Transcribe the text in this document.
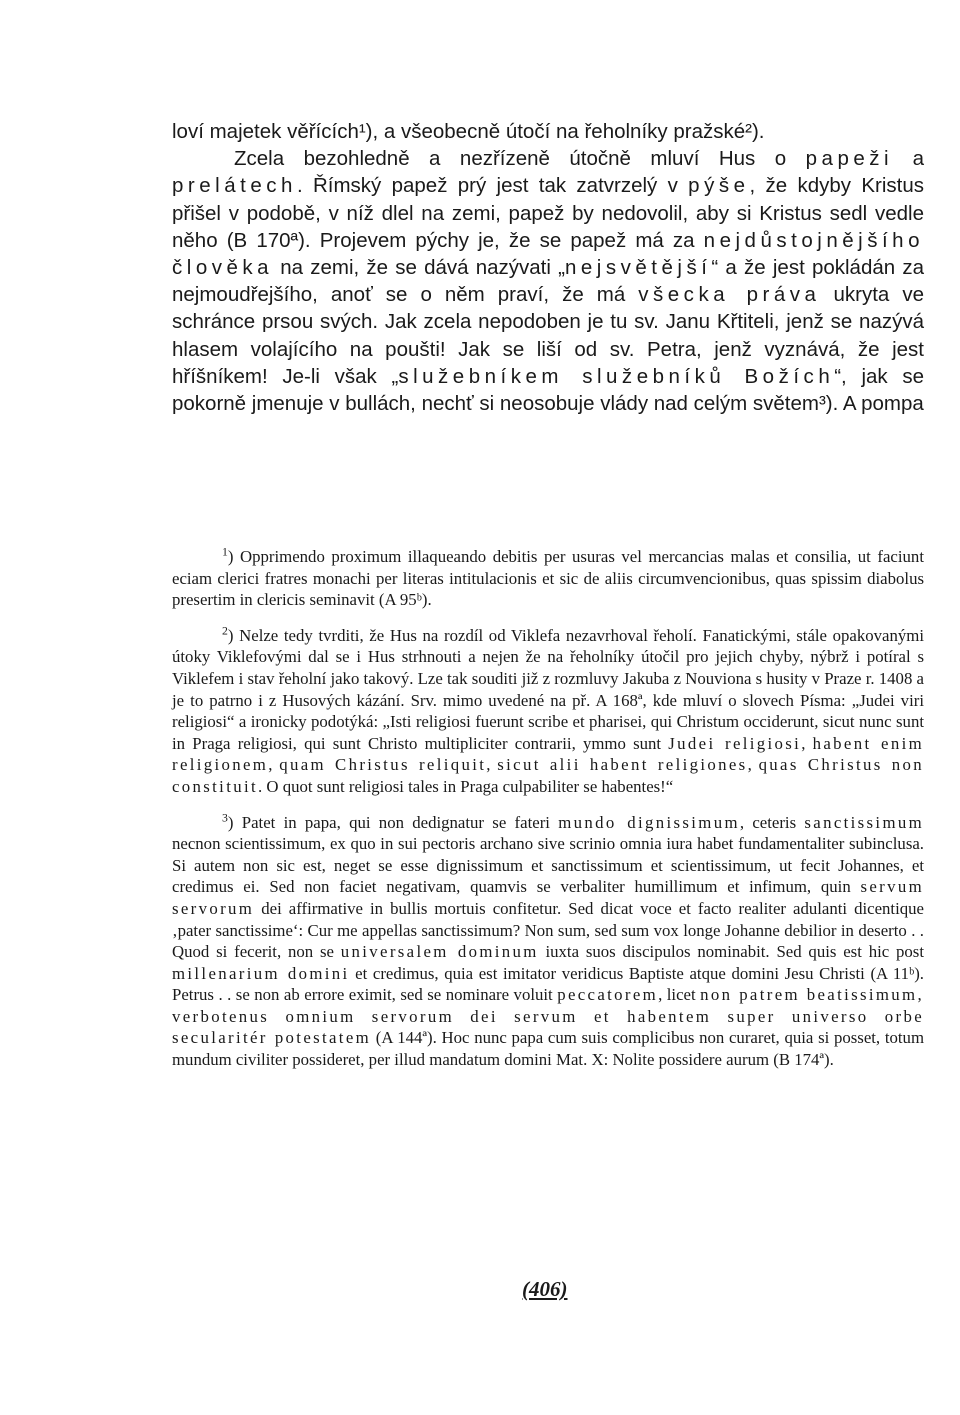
loví majetek věřících¹), a všeobecně útočí na řeholníky pražské²).

Zcela bezohledně a nezřízeně útočně mluví Hus o papeži a prelátech. Římský papež prý jest tak zatvrzelý v pýše, že kdyby Kristus přišel v podobě, v níž dlel na zemi, papež by nedovolil, aby si Kristus sedl vedle něho (B 170ª). Projevem pýchy je, že se papež má za nejdůstojnějšího člověka na zemi, že se dává nazývati „nejsvětější“ a že jest pokládán za nejmoudřejšího, anoť se o něm praví, že má všecka práva ukryta ve schránce prsou svých. Jak zcela nepodoben je tu sv. Janu Křtiteli, jenž se nazývá hlasem volajícího na poušti! Jak se liší od sv. Petra, jenž vyznává, že jest hříšníkem! Je-li však „služebníkem služebníků Božích“, jak se pokorně jmenuje v bullách, nechť si neosobuje vlády nad celým světem³). A pompa

$^1$) Opprimendo proximum illaqueando debitis per usuras vel mercancias malas et consilia, ut faciunt eciam clerici fratres monachi per literas intitulacionis et sic de aliis circumvencionibus, quas spissim diabolus presertim in clericis seminavit (A 95ᵇ).

$^2$) Nelze tedy tvrditi, že Hus na rozdíl od Viklefa nezavrhoval řeholí. Fanatickými, stále opakovanými útoky Viklefovými dal se i Hus strhnouti a nejen že na řeholníky útočil pro jejich chyby, nýbrž i potíral s Viklefem i stav řeholní jako takový. Lze tak souditi již z rozmluvy Jakuba z Nouviona s husity v Praze r. 1408 a je to patrno i z Husových kázání. Srv. mimo uvedené na př. A 168ª, kde mluví o slovech Písma: „Judei viri religiosi“ a ironicky podotýká: „Isti religiosi fuerunt scribe et pharisei, qui Christum occiderunt, sicut nunc sunt in Praga religiosi, qui sunt Christo multipliciter contrarii, ymmo sunt Judei religiosi, habent enim religionem, quam Christus reliquit, sicut alii habent religiones, quas Christus non constituit. O quot sunt religiosi tales in Praga culpabiliter se habentes!“

$^3$) Patet in papa, qui non dedignatur se fateri mundo dignissimum, ceteris sanctissimum necnon scientissimum, ex quo in sui pectoris archano sive scrinio omnia iura habet fundamentaliter subinclusa. Si autem non sic est, neget se esse dignissimum et sanctissimum et scientissimum, ut fecit Johannes, et credimus ei. Sed non faciet negativam, quamvis se verbaliter humillimum et infimum, quin servum servorum dei affirmative in bullis mortuis confitetur. Sed dicat voce et facto realiter adulanti dicentique ‚pater sanctissime‘: Cur me appellas sanctissimum? Non sum, sed sum vox longe Johanne debilior in deserto . . Quod si fecerit, non se universalem dominum iuxta suos discipulos nominabit. Sed quis est hic post millenarium domini et credimus, quia est imitator veridicus Baptiste atque domini Jesu Christi (A 11ᵇ). Petrus . . se non ab errore eximit, sed se nominare voluit peccatorem, licet non patrem beatissimum, verbotenus omnium servorum dei servum et habentem super universo orbe secularitér potestatem (A 144ª). Hoc nunc papa cum suis complicibus non curaret, quia si posset, totum mundum civiliter possideret, per illud mandatum domini Mat. X: Nolite possidere aurum (B 174ª).

(406)
